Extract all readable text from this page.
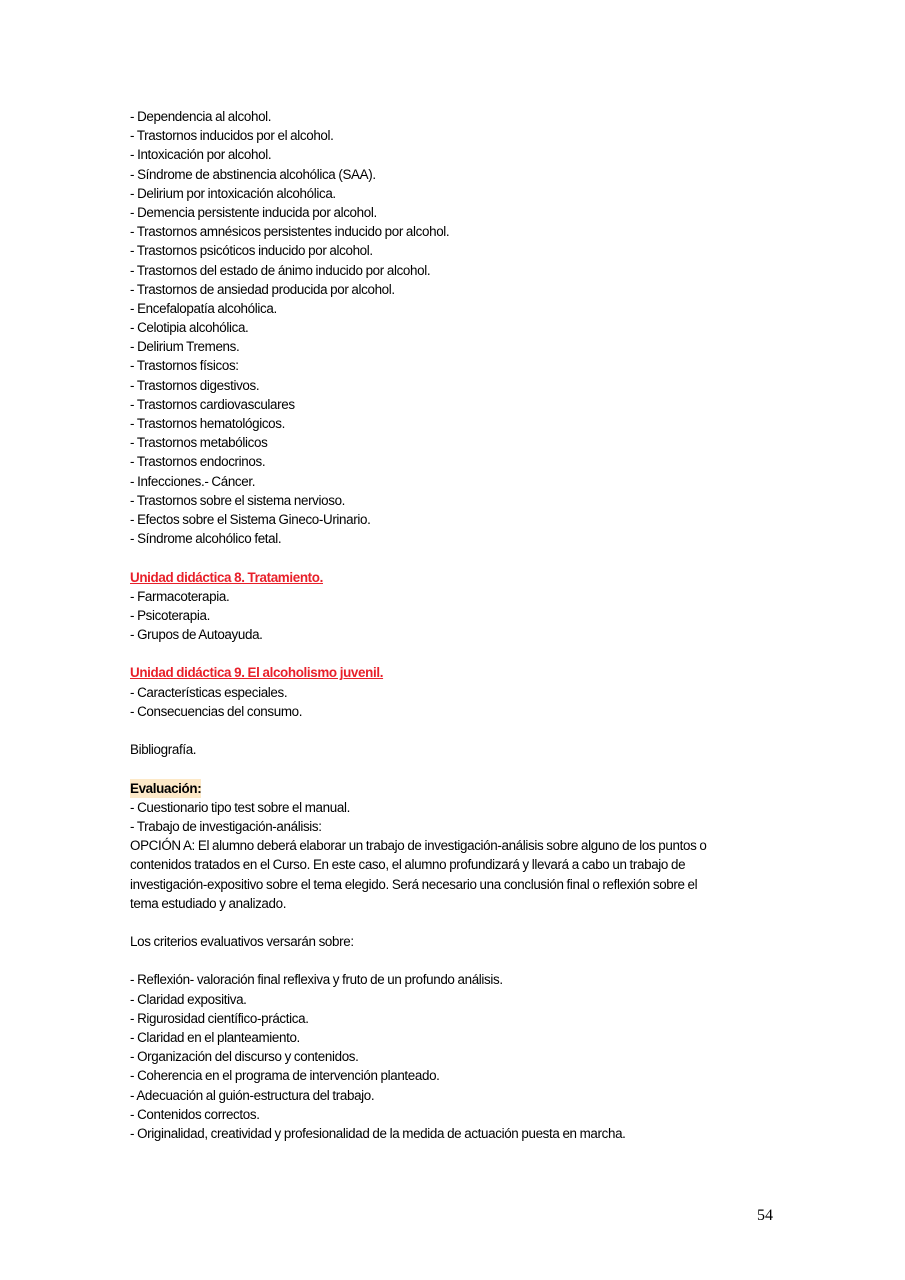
- Dependencia al alcohol.
- Trastornos inducidos por el alcohol.
- Intoxicación por alcohol.
- Síndrome de abstinencia alcohólica (SAA).
- Delirium por intoxicación alcohólica.
- Demencia persistente inducida por alcohol.
- Trastornos amnésicos persistentes inducido por alcohol.
- Trastornos psicóticos inducido por alcohol.
- Trastornos del estado de ánimo inducido por alcohol.
- Trastornos de ansiedad producida por alcohol.
- Encefalopatía alcohólica.
- Celotipia alcohólica.
- Delirium Tremens.
- Trastornos físicos:
- Trastornos digestivos.
- Trastornos cardiovasculares
- Trastornos hematológicos.
- Trastornos metabólicos
- Trastornos endocrinos.
- Infecciones.- Cáncer.
- Trastornos sobre el sistema nervioso.
- Efectos sobre el Sistema Gineco-Urinario.
- Síndrome alcohólico fetal.
Unidad didáctica 8. Tratamiento.
- Farmacoterapia.
- Psicoterapia.
- Grupos de Autoayuda.
Unidad didáctica 9. El alcoholismo juvenil.
- Características especiales.
- Consecuencias del consumo.
Bibliografía.
Evaluación:
- Cuestionario tipo test sobre el manual.
- Trabajo de investigación-análisis:
OPCIÓN A: El alumno deberá elaborar un trabajo de investigación-análisis sobre alguno de los puntos o
contenidos tratados en el Curso. En este caso, el alumno profundizará y llevará a cabo un trabajo de
investigación-expositivo sobre el tema elegido. Será necesario una conclusión final o reflexión sobre el
tema estudiado y analizado.
Los criterios evaluativos versarán sobre:
- Reflexión- valoración final reflexiva y fruto de un profundo análisis.
- Claridad expositiva.
- Rigurosidad científico-práctica.
- Claridad en el planteamiento.
- Organización del discurso y contenidos.
- Coherencia en el programa de intervención planteado.
- Adecuación al guión-estructura del trabajo.
- Contenidos correctos.
- Originalidad, creatividad y profesionalidad de la medida de actuación puesta en marcha.
54
